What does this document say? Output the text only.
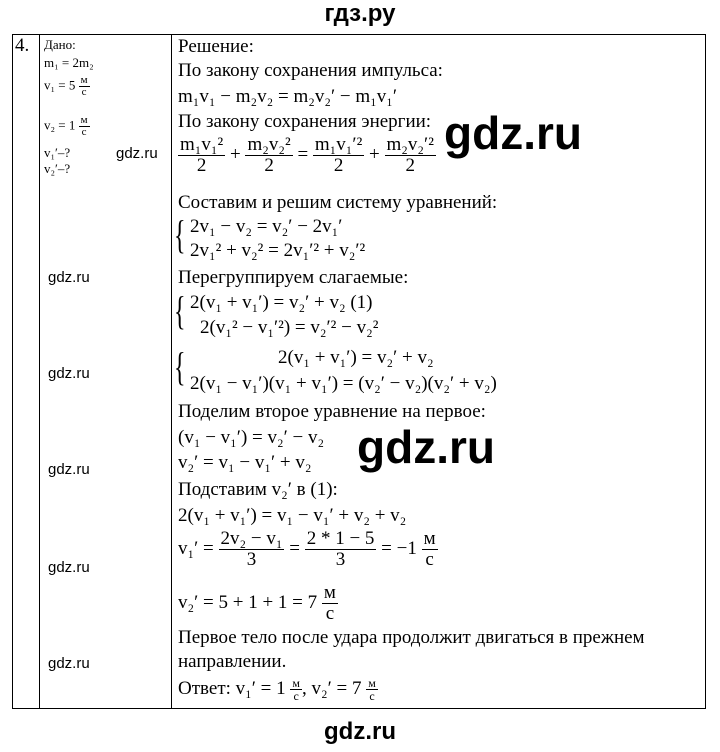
гдз.ру
4.	Дано:
m₁ = 2m₂
v₁ = 5 м
с
v₂ = 1 м
с
v₁′–?
v₂′–?
gdz.ru
gdz.ru
gdz.ru
gdz.ru
gdz.ru
gdz.ru

Решение:
По закону сохранения импульса:
m₁v₁ − m₂v₂ = m₂v₂′ − m₁v₁′
По закону сохранения энергии:
$\frac{\text{m₁v₁²}}{2} + \frac{\text{m₂v₂²}}{2} = \frac{\text{m₁v₁′²}}{2} + \frac{\text{m₂v₂′²}}{2}$
Составим и решим систему уравнений:
{ 2v₁ − v₂ = v₂′ − 2v₁′
2v₁² + v₂² = 2v₁′² + v₂′²
Перегруппируем слагаемые:
{ 2(v₁ + v₁′) = v₂′ + v₂ (1)
2(v₁² − v₁′²) = v₂′² − v₂²
{	2(v₁ + v₁′) = v₂′ + v₂
2(v₁ − v₁′)(v₁ + v₁′) = (v₂′ − v₂)(v₂′ + v₂)
Поделим второе уравнение на первое:
(v₁ − v₁′) = v₂′ − v₂
v₂′ = v₁ − v₁′ + v₂ gdz.ru
Подставим v₂′ в (1):
2(v₁ + v₁′) = v₁ − v₁′ + v₂ + v₂
$v_1' = \frac{\text{2v₂ − v₁}}{3} = \frac{2 * 1 - 5}{3} = -1$ м
с
v₂′ = 5 + 1 + 1 = 7 м
с
Первое тело после удара продолжит двигаться в прежнем
направлении.
Ответ: v₁′ = 1 м
с , v₂′ = 7 м
с
gdz.ru
gdz.ru
